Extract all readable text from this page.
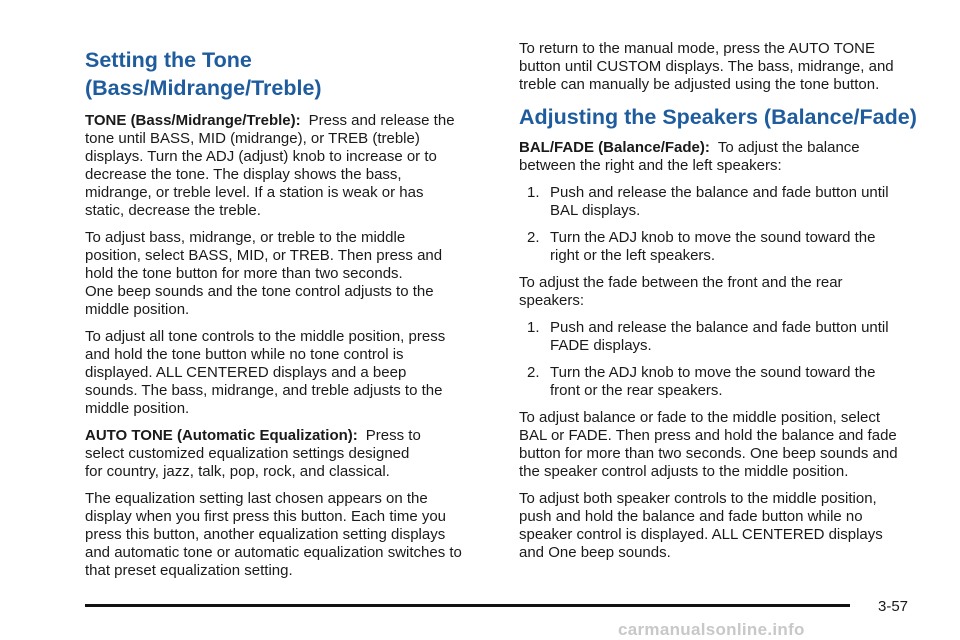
Setting the Tone
(Bass/Midrange/Treble)

TONE (Bass/Midrange/Treble): Press and release the
tone until BASS, MID (midrange), or TREB (treble)
displays. Turn the ADJ (adjust) knob to increase or to
decrease the tone. The display shows the bass,
midrange, or treble level. If a station is weak or has
static, decrease the treble.

To adjust bass, midrange, or treble to the middle
position, select BASS, MID, or TREB. Then press and
hold the tone button for more than two seconds.
One beep sounds and the tone control adjusts to the
middle position.

To adjust all tone controls to the middle position, press
and hold the tone button while no tone control is
displayed. ALL CENTERED displays and a beep
sounds. The bass, midrange, and treble adjusts to the
middle position.

AUTO TONE (Automatic Equalization): Press to
select customized equalization settings designed
for country, jazz, talk, pop, rock, and classical.

The equalization setting last chosen appears on the
display when you first press this button. Each time you
press this button, another equalization setting displays
and automatic tone or automatic equalization switches to
that preset equalization setting.

To return to the manual mode, press the AUTO TONE
button until CUSTOM displays. The bass, midrange, and
treble can manually be adjusted using the tone button.

Adjusting the Speakers (Balance/Fade)

BAL/FADE (Balance/Fade): To adjust the balance
between the right and the left speakers:

1. Push and release the balance and fade button until
BAL displays.
2. Turn the ADJ knob to move the sound toward the
right or the left speakers.

To adjust the fade between the front and the rear
speakers:

1. Push and release the balance and fade button until
FADE displays.
2. Turn the ADJ knob to move the sound toward the
front or the rear speakers.

To adjust balance or fade to the middle position, select
BAL or FADE. Then press and hold the balance and fade
button for more than two seconds. One beep sounds and
the speaker control adjusts to the middle position.

To adjust both speaker controls to the middle position,
push and hold the balance and fade button while no
speaker control is displayed. ALL CENTERED displays
and One beep sounds.

3-57
carmanualsonline.info
